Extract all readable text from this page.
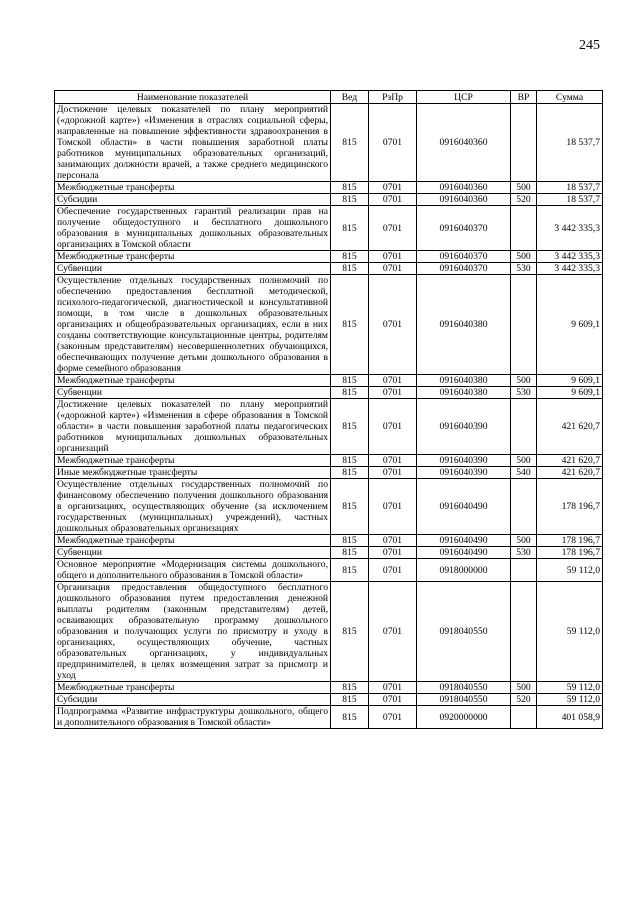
245
Наименование показателей	Вед	РзПр	ЦСР	ВР	Сумма
Достижение целевых показателей по плану мероприятий («дорожной карте») «Изменения в отраслях социальной сферы, направленные на повышение эффективности здравоохранения в Томской области» в части повышения заработной платы работников муниципальных образовательных организаций, занимающих должности врачей, а также среднего медицинского персонала	815	0701	0916040360		18 537,7
Межбюджетные трансферты	815	0701	0916040360	500	18 537,7
Субсидии	815	0701	0916040360	520	18 537,7
Обеспечение государственных гарантий реализации прав на получение общедоступного и бесплатного дошкольного образования в муниципальных дошкольных образовательных организациях в Томской области	815	0701	0916040370		3 442 335,3
Межбюджетные трансферты	815	0701	0916040370	500	3 442 335,3
Субвенции	815	0701	0916040370	530	3 442 335,3
Осуществление отдельных государственных полномочий по обеспечению предоставления бесплатной методической, психолого-педагогической, диагностической и консультативной помощи, в том числе в дошкольных образовательных организациях и общеобразовательных организациях, если в них созданы соответствующие консультационные центры, родителям (законным представителям) несовершеннолетних обучающихся, обеспечивающих получение детьми дошкольного образования в форме семейного образования	815	0701	0916040380		9 609,1
Межбюджетные трансферты	815	0701	0916040380	500	9 609,1
Субвенции	815	0701	0916040380	530	9 609,1
Достижение целевых показателей по плану мероприятий («дорожной карте») «Изменения в сфере образования в Томской области» в части повышения заработной платы педагогических работников муниципальных дошкольных образовательных организаций	815	0701	0916040390		421 620,7
Межбюджетные трансферты	815	0701	0916040390	500	421 620,7
Иные межбюджетные трансферты	815	0701	0916040390	540	421 620,7
Осуществление отдельных государственных полномочий по финансовому обеспечению получения дошкольного образования в организациях, осуществляющих обучение (за исключением государственных (муниципальных) учреждений), частных дошкольных образовательных организациях	815	0701	0916040490		178 196,7
Межбюджетные трансферты	815	0701	0916040490	500	178 196,7
Субвенции	815	0701	0916040490	530	178 196,7
Основное мероприятие «Модернизация системы дошкольного, общего и дополнительного образования в Томской области»	815	0701	0918000000		59 112,0
Организация предоставления общедоступного бесплатного дошкольного образования путем предоставления денежной выплаты родителям (законным представителям) детей, осваивающих образовательную программу дошкольного образования и получающих услуги по присмотру и уходу в организациях, осуществляющих обучение, частных образовательных организациях, у индивидуальных предпринимателей, в целях возмещения затрат за присмотр и уход	815	0701	0918040550		59 112,0
Межбюджетные трансферты	815	0701	0918040550	500	59 112,0
Субсидии	815	0701	0918040550	520	59 112,0
Подпрограмма «Развитие инфраструктуры дошкольного, общего и дополнительного образования в Томской области»	815	0701	0920000000		401 058,9
